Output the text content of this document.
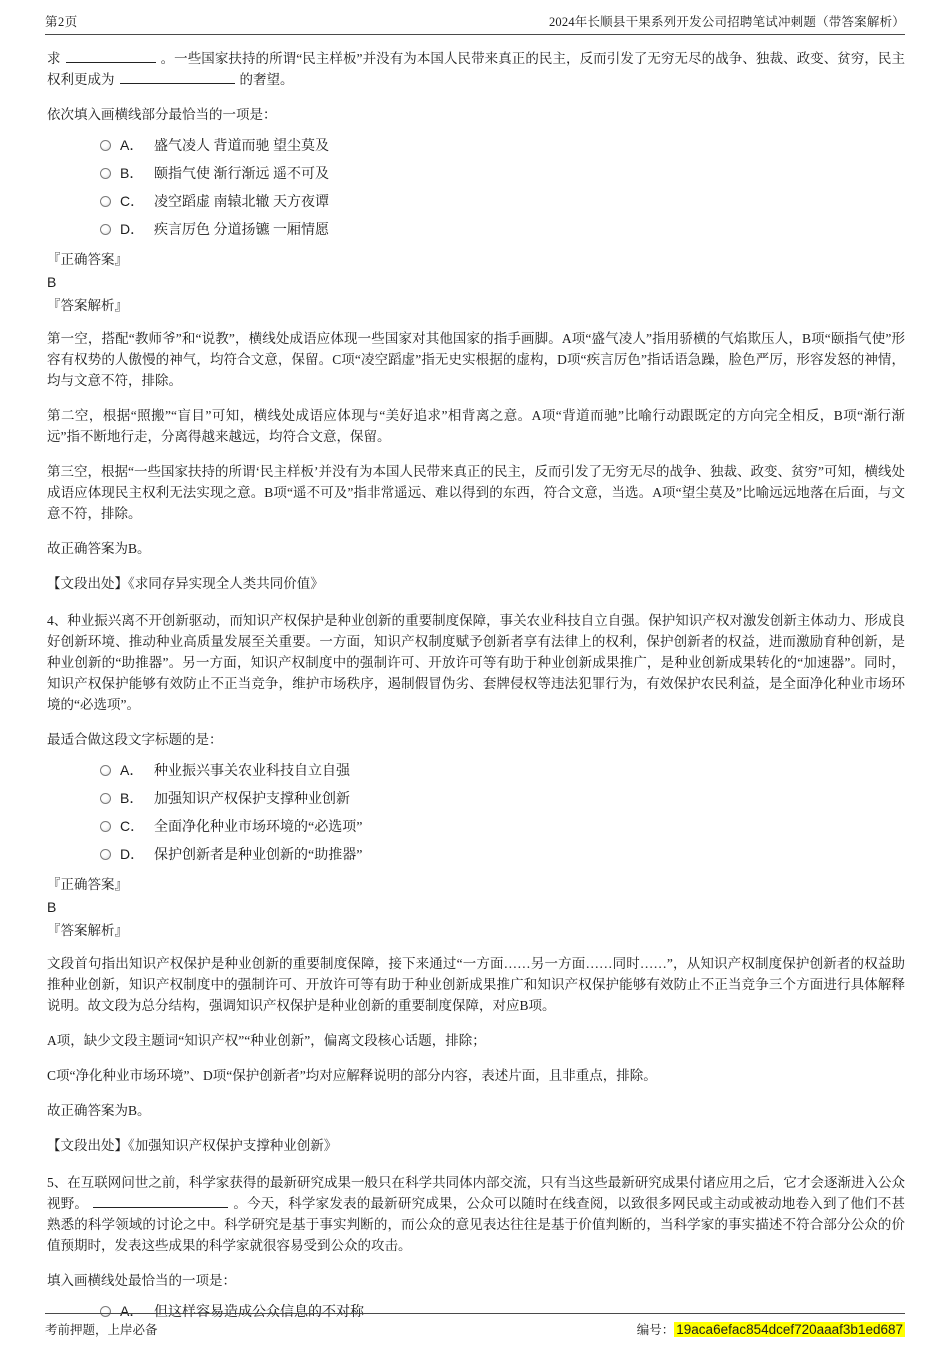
第2页	2024年长顺县干果系列开发公司招聘笔试冲刺题（带答案解析）

求	。一些国家扶持的所谓“民主样板”并没有为本国人民带来真正的民主，反而引发了无穷无尽的战争、独裁、政变、贫穷，民主权利更成为	的奢望。

依次填入画横线部分最恰当的一项是：

A． 盛气凌人 背道而驰 望尘莫及
B． 颐指气使 渐行渐远 遥不可及
C． 凌空蹈虚 南辕北辙 天方夜谭
D． 疾言厉色 分道扬镳 一厢情愿
『正确答案』
B
『答案解析』

第一空，搭配“教师爷”和“说教”，横线处成语应体现一些国家对其他国家的指手画脚。A项“盛气凌人”指用骄横的气焰欺压人，B项“颐指气使”形容有权势的人傲慢的神气，均符合文意，保留。C项“凌空蹈虚”指无史实根据的虚构，D项“疾言厉色”指话语急躁，脸色严厉，形容发怒的神情，均与文意不符，排除。

第二空，根据“照搬”“盲目”可知，横线处成语应体现与“美好追求”相背离之意。A项“背道而驰”比喻行动跟既定的方向完全相反，B项“渐行渐远”指不断地行走，分离得越来越远，均符合文意，保留。

第三空，根据“一些国家扶持的所谓‘民主样板’并没有为本国人民带来真正的民主，反而引发了无穷无尽的战争、独裁、政变、贫穷”可知，横线处成语应体现民主权利无法实现之意。B项“遥不可及”指非常遥远、难以得到的东西，符合文意，当选。A项“望尘莫及”比喻远远地落在后面，与文意不符，排除。

故正确答案为B。

【文段出处】《求同存异实现全人类共同价值》

4、种业振兴离不开创新驱动，而知识产权保护是种业创新的重要制度保障，事关农业科技自立自强。保护知识产权对激发创新主体动力、形成良好创新环境、推动种业高质量发展至关重要。一方面，知识产权制度赋予创新者享有法律上的权利，保护创新者的权益，进而激励育种创新，是种业创新的“助推器”。另一方面，知识产权制度中的强制许可、开放许可等有助于种业创新成果推广，是种业创新成果转化的“加速器”。同时，知识产权保护能够有效防止不正当竞争，维护市场秩序，遏制假冒伪劣、套牌侵权等违法犯罪行为，有效保护农民利益，是全面净化种业市场环境的“必选项”。

最适合做这段文字标题的是：

A． 种业振兴事关农业科技自立自强
B． 加强知识产权保护支撑种业创新
C． 全面净化种业市场环境的“必选项”
D． 保护创新者是种业创新的“助推器”
『正确答案』
B
『答案解析』

文段首句指出知识产权保护是种业创新的重要制度保障，接下来通过“一方面……另一方面……同时……”，从知识产权制度保护创新者的权益助推种业创新，知识产权制度中的强制许可、开放许可等有助于种业创新成果推广和知识产权保护能够有效防止不正当竞争三个方面进行具体解释说明。故文段为总分结构，强调知识产权保护是种业创新的重要制度保障，对应B项。

A项，缺少文段主题词“知识产权”“种业创新”，偏离文段核心话题，排除；

C项“净化种业市场环境”、D项“保护创新者”均对应解释说明的部分内容，表述片面，且非重点，排除。

故正确答案为B。

【文段出处】《加强知识产权保护支撑种业创新》

5、在互联网问世之前，科学家获得的最新研究成果一般只在科学共同体内部交流，只有当这些最新研究成果付诸应用之后，它才会逐渐进入公众视野。	。今天，科学家发表的最新研究成果，公众可以随时在线查阅，以致很多网民或主动或被动地卷入到了他们不甚熟悉的科学领域的讨论之中。科学研究是基于事实判断的，而公众的意见表达往往是基于价值判断的，当科学家的事实描述不符合部分公众的价值预期时，发表这些成果的科学家就很容易受到公众的攻击。

填入画横线处最恰当的一项是：

A． 但这样容易造成公众信息的不对称
考前押题，上岸必备	编号： 19aca6efac854dcef720aaaf3b1ed687
